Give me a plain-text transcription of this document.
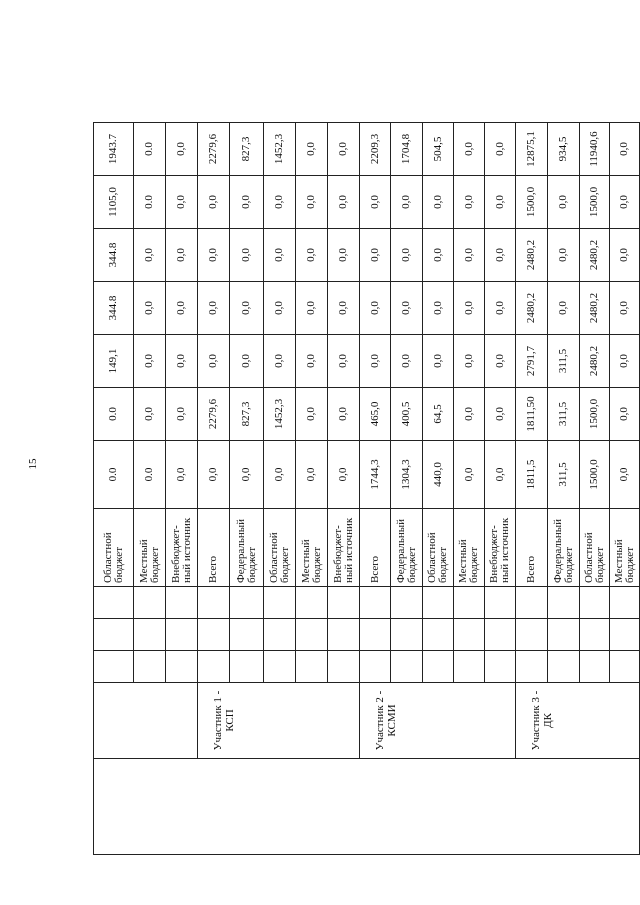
15
					Областной бюджет	0.0	0.0	149,1	344.8	344.8	1105,0	1943.7
					Местный бюджет	0.0	0,0	0,0	0,0	0,0	0.0	0.0
					Внебюджет-ный источник	0,0	0,0	0,0	0,0	0,0	0,0	0,0
	Участник 1 - КСП				Всего	0,0	2279,6	0,0	0,0	0,0	0,0	2279,6
					Федеральный бюджет	0,0	827,3	0,0	0,0	0,0	0,0	827,3
					Областной бюджет	0,0	1452,3	0,0	0,0	0,0	0,0	1452,3
					Местный бюджет	0,0	0,0	0,0	0,0	0,0	0,0	0,0
					Внебюджет-ный источник	0,0	0,0	0,0	0,0	0,0	0,0	0,0
	Участник 2 - КСМИ				Всего	1744,3	465,0	0,0	0,0	0,0	0,0	2209,3
					Федеральный бюджет	1304,3	400,5	0,0	0,0	0,0	0,0	1704,8
					Областной бюджет	440,0	64,5	0,0	0,0	0,0	0,0	504,5
					Местный бюджет	0,0	0,0	0,0	0,0	0,0	0,0	0,0
					Внебюджет-ный источник	0,0	0,0	0,0	0,0	0,0	0,0	0,0
	Участник 3 - ДК				Всего	1811,5	1811,50	2791,7	2480,2	2480,2	1500,0	12875,1
					Федеральный бюджет	311,5	311,5	311,5	0,0	0,0	0,0	934,5
					Областной бюджет	1500,0	1500,0	2480,2	2480,2	2480,2	1500,0	11940,6
					Местный бюджет	0,0	0,0	0,0	0,0	0,0	0,0	0,0
